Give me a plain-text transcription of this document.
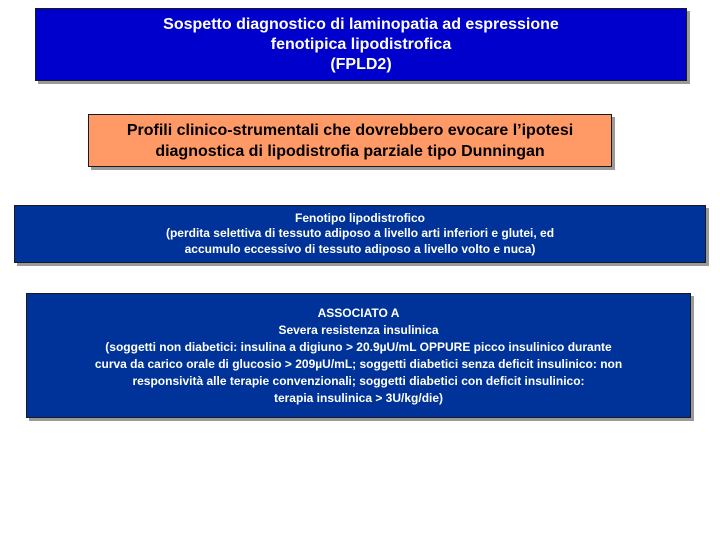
Sospetto diagnostico di laminopatia ad espressione
fenotipica lipodistrofica
(FPLD2)
Profili clinico-strumentali che dovrebbero evocare l’ipotesi
diagnostica di lipodistrofia parziale tipo Dunningan
Fenotipo lipodistrofico
(perdita selettiva di tessuto adiposo a livello arti inferiori e glutei, ed
accumulo eccessivo di tessuto adiposo a livello volto e nuca)
ASSOCIATO A
Severa resistenza insulinica
(soggetti non diabetici: insulina a digiuno > 20.9µU/mL OPPURE picco insulinico durante
curva da carico orale di glucosio > 209µU/mL; soggetti diabetici senza deficit insulinico: non
responsività alle terapie convenzionali; soggetti diabetici con deficit insulinico:
terapia insulinica > 3U/kg/die)
